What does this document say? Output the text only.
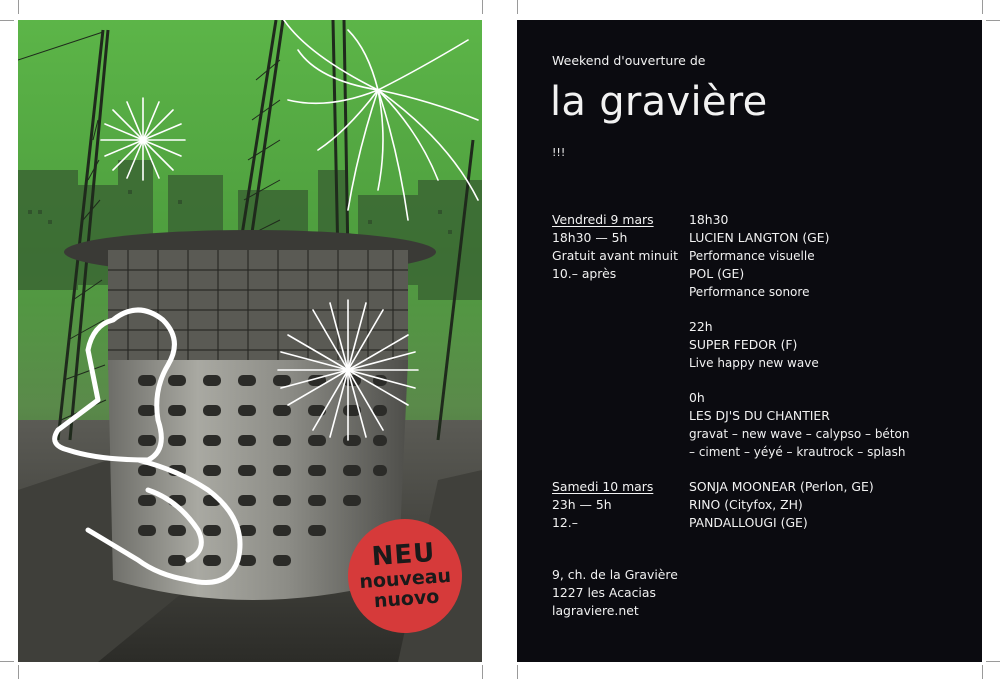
NEU
nouveau
nuovo
Weekend d'ouverture de
la gravière
!!!
Vendredi 9 mars
18h30 — 5h
Gratuit avant minuit
10.– après
18h30
LUCIEN LANGTON (GE)
Performance visuelle
POL (GE)
Performance sonore
22h
SUPER FEDOR (F)
Live happy new wave
0h
LES DJ'S DU CHANTIER
gravat – new wave – calypso – béton
– ciment – yéyé – krautrock – splash
Samedi 10 mars
23h — 5h
12.–
SONJA MOONEAR (Perlon, GE)
RINO (Cityfox, ZH)
PANDALLOUGI (GE)
9, ch. de la Gravière
1227 les Acacias
lagraviere.net
